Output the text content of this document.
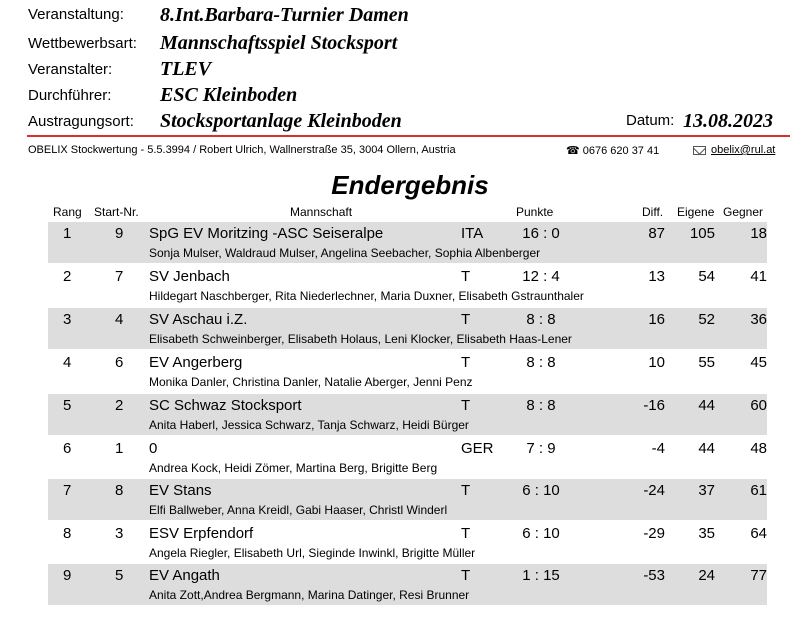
Veranstaltung: 8.Int.Barbara-Turnier Damen
Wettbewerbsart: Mannschaftsspiel Stocksport
Veranstalter: TLEV
Durchführer: ESC Kleinboden
Austragungsort: Stocksportanlage Kleinboden	Datum: 13.08.2023
OBELIX Stockwertung - 5.5.3994 / Robert Ulrich, Wallnerstraße 35, 3004 Ollern, Austria	☎ 0676 620 37 41	obelix@rul.at
Endergebnis
Rang Start-Nr.	Mannschaft	Punkte	Diff. Eigene Gegner
1	9 SpG EV Moritzing -ASC Seiseralpe	ITA	16 : 0	87 105 18
Sonja Mulser, Waldraud Mulser, Angelina Seebacher, Sophia Albenberger
2	7 SV Jenbach	T	12 : 4	13 54 41
Hildegart Naschberger, Rita Niederlechner, Maria Duxner, Elisabeth Gstraunthaler
3	4 SV Aschau i.Z.	T	8 : 8	16 52 36
Elisabeth Schweinberger, Elisabeth Holaus, Leni Klocker, Elisabeth Haas-Lener
4	6 EV Angerberg	T	8 : 8	10 55 45
Monika Danler, Christina Danler, Natalie Aberger, Jenni Penz
5	2 SC Schwaz Stocksport	T	8 : 8	-16 44 60
Anita Haberl, Jessica Schwarz, Tanja Schwarz, Heidi Bürger
6	1 0	GER	7 : 9	-4 44 48
Andrea Kock, Heidi Zömer, Martina Berg, Brigitte Berg
7	8 EV Stans	T	6 : 10	-24 37 61
Elfi Ballweber, Anna Kreidl, Gabi Haaser, Christl Winderl
8	3 ESV Erpfendorf	T	6 : 10	-29 35 64
Angela Riegler, Elisabeth Url, Sieginde Inwinkl, Brigitte Müller
9	5 EV Angath	T	1 : 15	-53 24 77
Anita Zott,Andrea Bergmann, Marina Datinger, Resi Brunner
